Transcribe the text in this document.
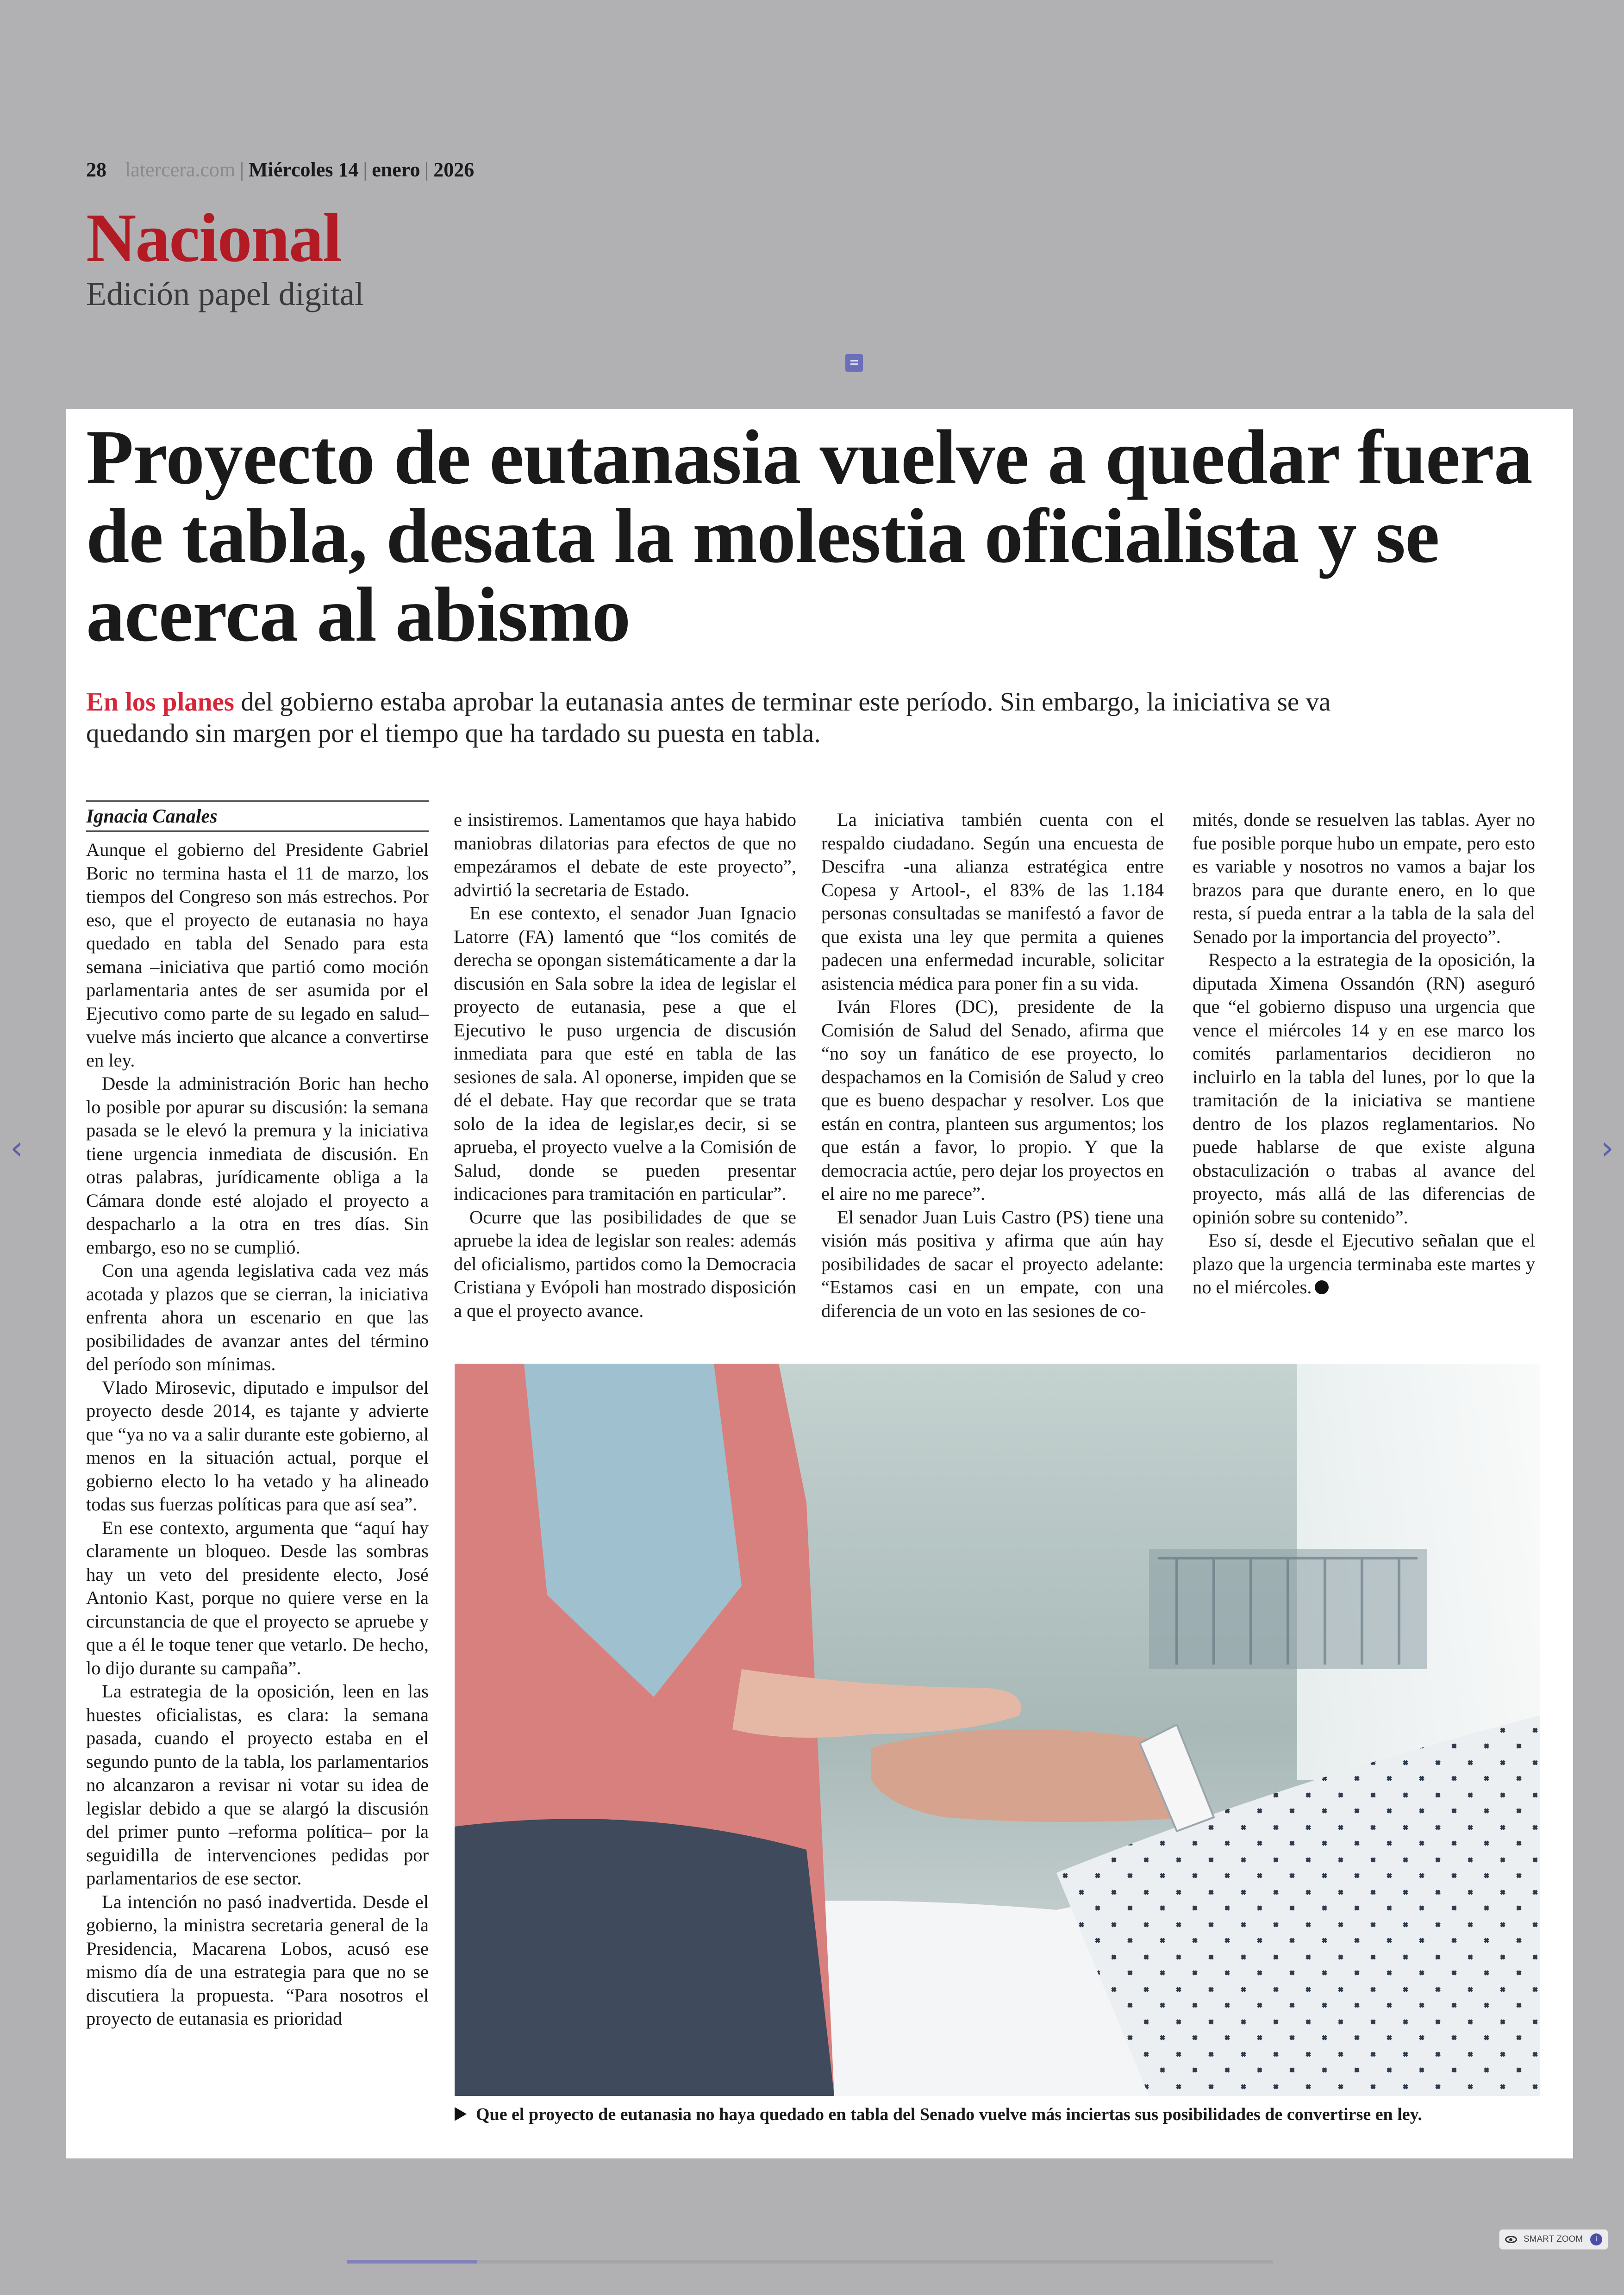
28 latercera.com | Miércoles 14 | enero | 2026
Nacional
Edición papel digital
Proyecto de eutanasia vuelve a quedar fuera de tabla, desata la molestia oficialista y se acerca al abismo

En los planes del gobierno estaba aprobar la eutanasia antes de terminar este período. Sin embargo, la iniciativa se va quedando sin margen por el tiempo que ha tardado su puesta en tabla.

Ignacia Canales

Aunque el gobierno del Presidente Gabriel Boric no termina hasta el 11 de marzo, los tiempos del Congreso son más estrechos. Por eso, que el proyecto de eutanasia no haya quedado en tabla del Senado para esta semana –iniciativa que partió como moción parlamentaria antes de ser asumida por el Ejecutivo como parte de su legado en salud– vuelve más incierto que alcance a convertirse en ley.

Desde la administración Boric han hecho lo posible por apurar su discusión: la semana pasada se le elevó la premura y la iniciativa tiene urgencia inmediata de discusión. En otras palabras, jurídicamente obliga a la Cámara donde esté alojado el proyecto a despacharlo a la otra en tres días. Sin embargo, eso no se cumplió.

Con una agenda legislativa cada vez más acotada y plazos que se cierran, la iniciativa enfrenta ahora un escenario en que las posibilidades de avanzar antes del término del período son mínimas.

Vlado Mirosevic, diputado e impulsor del proyecto desde 2014, es tajante y advierte que “ya no va a salir durante este gobierno, al menos en la situación actual, porque el gobierno electo lo ha vetado y ha alineado todas sus fuerzas políticas para que así sea”.

En ese contexto, argumenta que “aquí hay claramente un bloqueo. Desde las sombras hay un veto del presidente electo, José Antonio Kast, porque no quiere verse en la circunstancia de que el proyecto se apruebe y que a él le toque tener que vetarlo. De hecho, lo dijo durante su campaña”.

La estrategia de la oposición, leen en las huestes oficialistas, es clara: la semana pasada, cuando el proyecto estaba en el segundo punto de la tabla, los parlamentarios no alcanzaron a revisar ni votar su idea de legislar debido a que se alargó la discusión del primer punto –reforma política– por la seguidilla de intervenciones pedidas por parlamentarios de ese sector.

La intención no pasó inadvertida. Desde el gobierno, la ministra secretaria general de la Presidencia, Macarena Lobos, acusó ese mismo día de una estrategia para que no se discutiera la propuesta. “Para nosotros el proyecto de eutanasia es prioridad

e insistiremos. Lamentamos que haya habido maniobras dilatorias para efectos de que no empezáramos el debate de este proyecto”, advirtió la secretaria de Estado.

En ese contexto, el senador Juan Ignacio Latorre (FA) lamentó que “los comités de derecha se opongan sistemáticamente a dar la discusión en Sala sobre la idea de legislar el proyecto de eutanasia, pese a que el Ejecutivo le puso urgencia de discusión inmediata para que esté en tabla de las sesiones de sala. Al oponerse, impiden que se dé el debate. Hay que recordar que se trata solo de la idea de legislar,es decir, si se aprueba, el proyecto vuelve a la Comisión de Salud, donde se pueden presentar indicaciones para tramitación en particular”.

Ocurre que las posibilidades de que se apruebe la idea de legislar son reales: además del oficialismo, partidos como la Democracia Cristiana y Evópoli han mostrado disposición a que el proyecto avance.

La iniciativa también cuenta con el respaldo ciudadano. Según una encuesta de Descifra -una alianza estratégica entre Copesa y Artool-, el 83% de las 1.184 personas consultadas se manifestó a favor de que exista una ley que permita a quienes padecen una enfermedad incurable, solicitar asistencia médica para poner fin a su vida.

Iván Flores (DC), presidente de la Comisión de Salud del Senado, afirma que “no soy un fanático de ese proyecto, lo despachamos en la Comisión de Salud y creo que es bueno despachar y resolver. Los que están en contra, planteen sus argumentos; los que están a favor, lo propio. Y que la democracia actúe, pero dejar los proyectos en el aire no me parece”.

El senador Juan Luis Castro (PS) tiene una visión más positiva y afirma que aún hay posibilidades de sacar el proyecto adelante: “Estamos casi en un empate, con una diferencia de un voto en las sesiones de co-

mités, donde se resuelven las tablas. Ayer no fue posible porque hubo un empate, pero esto es variable y nosotros no vamos a bajar los brazos para que durante enero, en lo que resta, sí pueda entrar a la tabla de la sala del Senado por la importancia del proyecto”.

Respecto a la estrategia de la oposición, la diputada Ximena Ossandón (RN) aseguró que “el gobierno dispuso una urgencia que vence el miércoles 14 y en ese marco los comités parlamentarios decidieron no incluirlo en la tabla del lunes, por lo que la tramitación de la iniciativa se mantiene dentro de los plazos reglamentarios. No puede hablarse de que existe alguna obstaculización o trabas al avance del proyecto, más allá de las diferencias de opinión sobre su contenido”.

Eso sí, desde el Ejecutivo señalan que el plazo que la urgencia terminaba este martes y no el miércoles.

Que el proyecto de eutanasia no haya quedado en tabla del Senado vuelve más inciertas sus posibilidades de convertirse en ley.
‹	›
SMART ZOOM	i
